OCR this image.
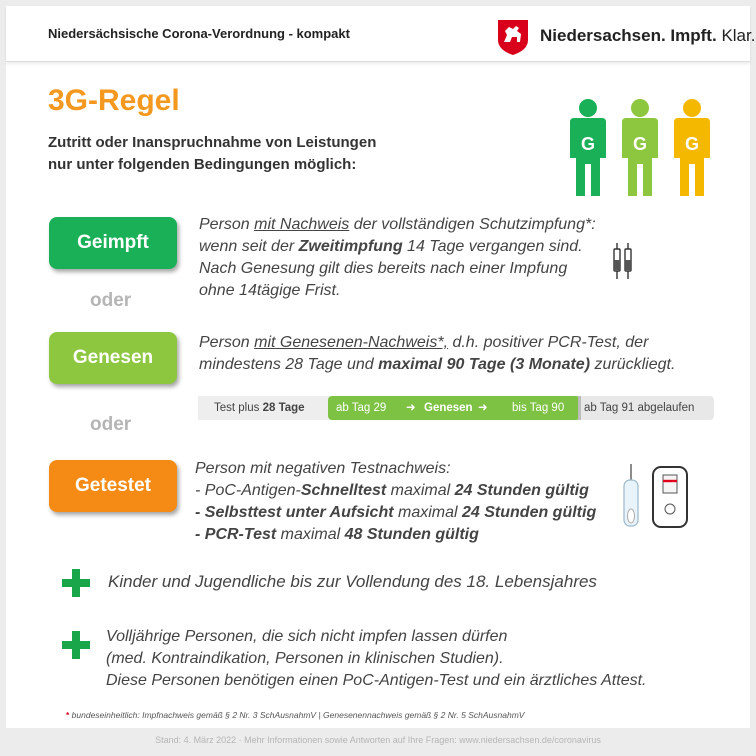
Niedersächsische Corona-Verordnung - kompakt	Niedersachsen. Impft. Klar.
3G-Regel
Zutritt oder Inanspruchnahme von Leistungen
nur unter folgenden Bedingungen möglich:
G G G
Geimpft
Person mit Nachweis der vollständigen Schutzimpfung*:
wenn seit der Zweitimpfung 14 Tage vergangen sind.
Nach Genesung gilt dies bereits nach einer Impfung
ohne 14tägige Frist.
oder
Genesen
Person mit Genesenen-Nachweis*, d.h. positiver PCR-Test, der
mindestens 28 Tage und maximal 90 Tage (3 Monate) zurückliegt.
Test plus 28 Tage	ab Tag 29 ➜ Genesen ➜ bis Tag 90	ab Tag 91 abgelaufen
oder
Getestet
Person mit negativen Testnachweis:
- PoC-Antigen-Schnelltest maximal 24 Stunden gültig
- Selbsttest unter Aufsicht maximal 24 Stunden gültig
- PCR-Test maximal 48 Stunden gültig
Kinder und Jugendliche bis zur Vollendung des 18. Lebensjahres
Volljährige Personen, die sich nicht impfen lassen dürfen
(med. Kontraindikation, Personen in klinischen Studien).
Diese Personen benötigen einen PoC-Antigen-Test und ein ärztliches Attest.
* bundeseinheitlich: Impfnachweis gemäß § 2 Nr. 3 SchAusnahmV | Genesenennachweis gemäß § 2 Nr. 5 SchAusnahmV
Stand: 4. März 2022 · Mehr Informationen sowie Antworten auf Ihre Fragen: www.niedersachsen.de/coronavirus
